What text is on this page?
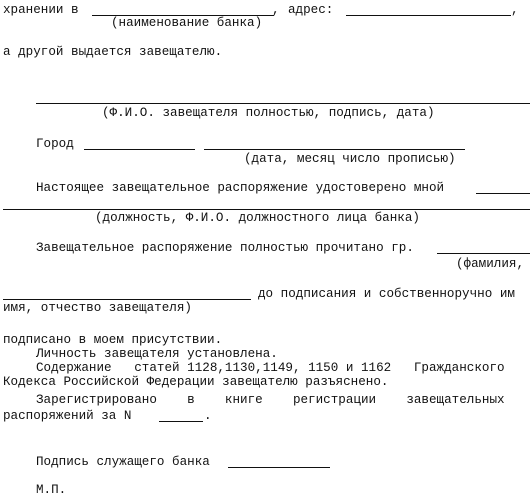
хранении в	, адрес:	,
(наименование банка)
а другой выдается завещателю.
(Ф.И.О. завещателя полностью, подпись, дата)
Город
(дата, месяц число прописью)
Настоящее завещательное распоряжение удостоверено мной
(должность, Ф.И.О. должностного лица банка)
Завещательное распоряжение полностью прочитано гр.
(фамилия,
до подписания и собственноручно им
имя, отчество завещателя)
подписано в моем присутствии.
Личность завещателя установлена.
Содержание   статей 1128,1130,1149, 1150 и 1162   Гражданского
Кодекса Российской Федерации завещателю разъяснено.
Зарегистрировано    в    книге    регистрации    завещательных
распоряжений за N	.
Подпись служащего банка
М.П.
